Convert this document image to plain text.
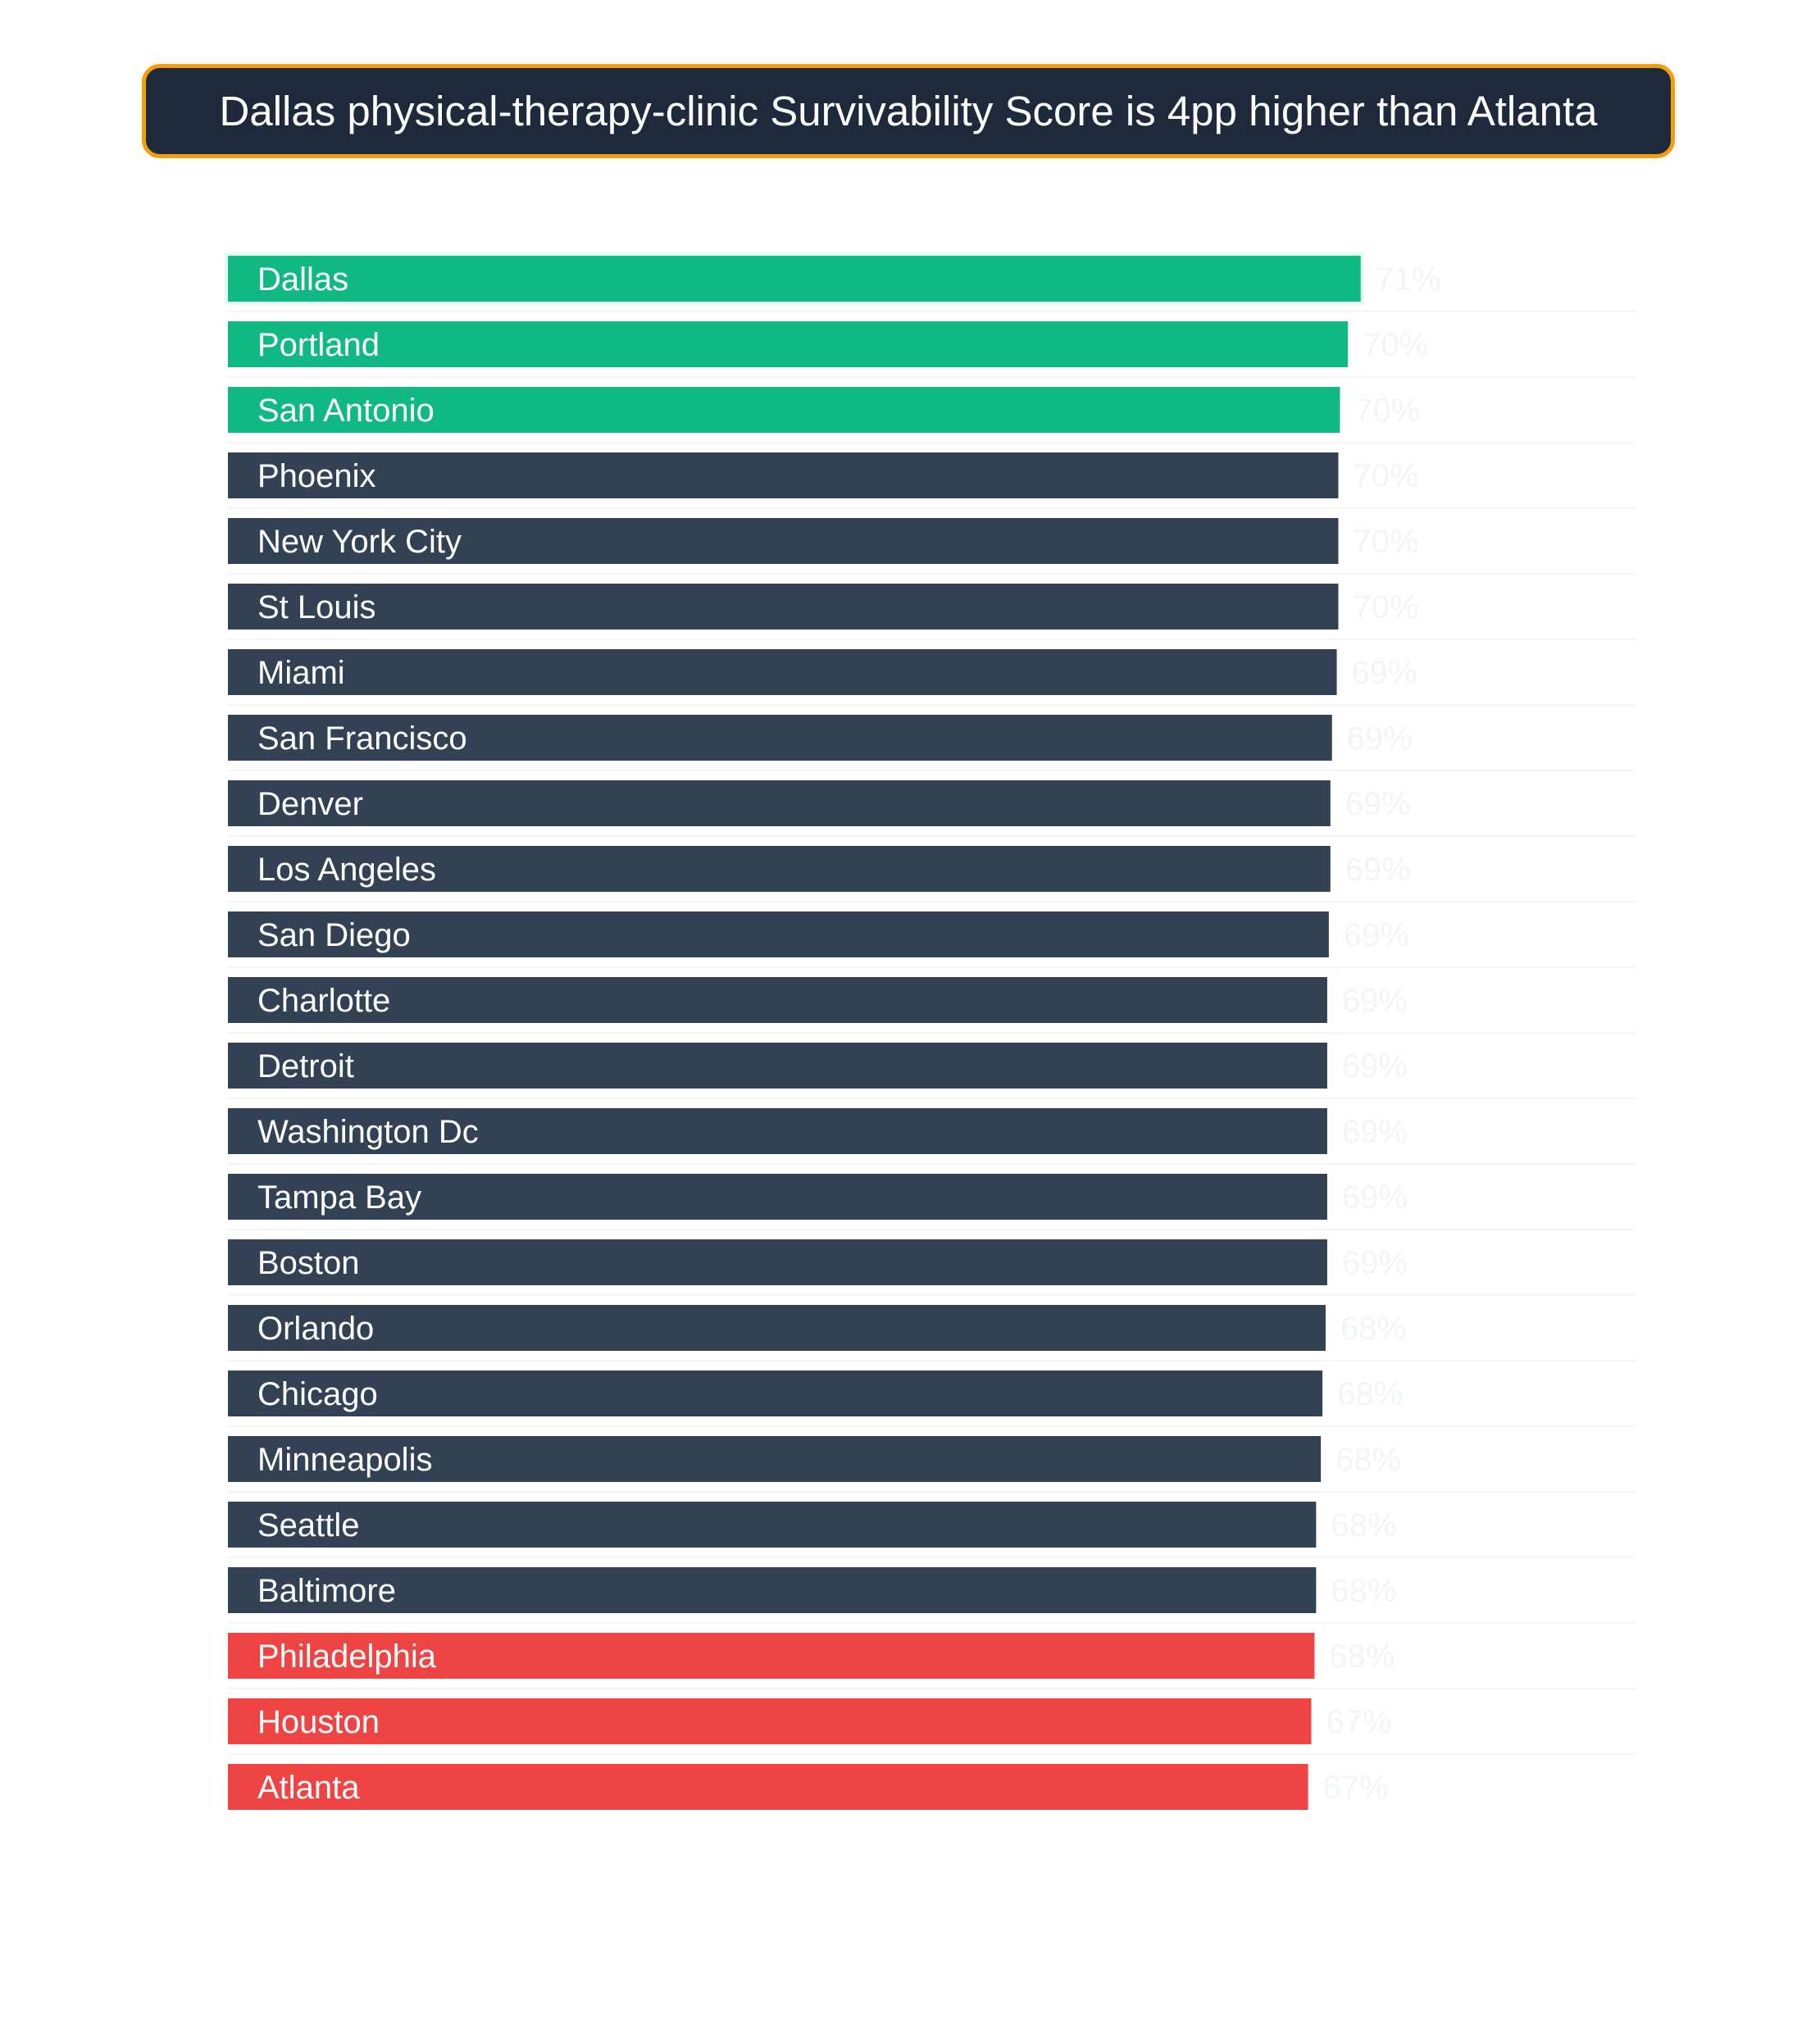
Dallas physical-therapy-clinic Survivability Score is 4pp higher than Atlanta
Dallas	71%
Portland	70%
San Antonio	70%
Phoenix	70%
New York City	70%
St Louis	70%
Miami	69%
San Francisco	69%
Denver	69%
Los Angeles	69%
San Diego	69%
Charlotte	69%
Detroit	69%
Washington Dc	69%
Tampa Bay	69%
Boston	69%
Orlando	68%
Chicago	68%
Minneapolis	68%
Seattle	68%
Baltimore	68%
Philadelphia	68%
Houston	67%
Atlanta	67%
